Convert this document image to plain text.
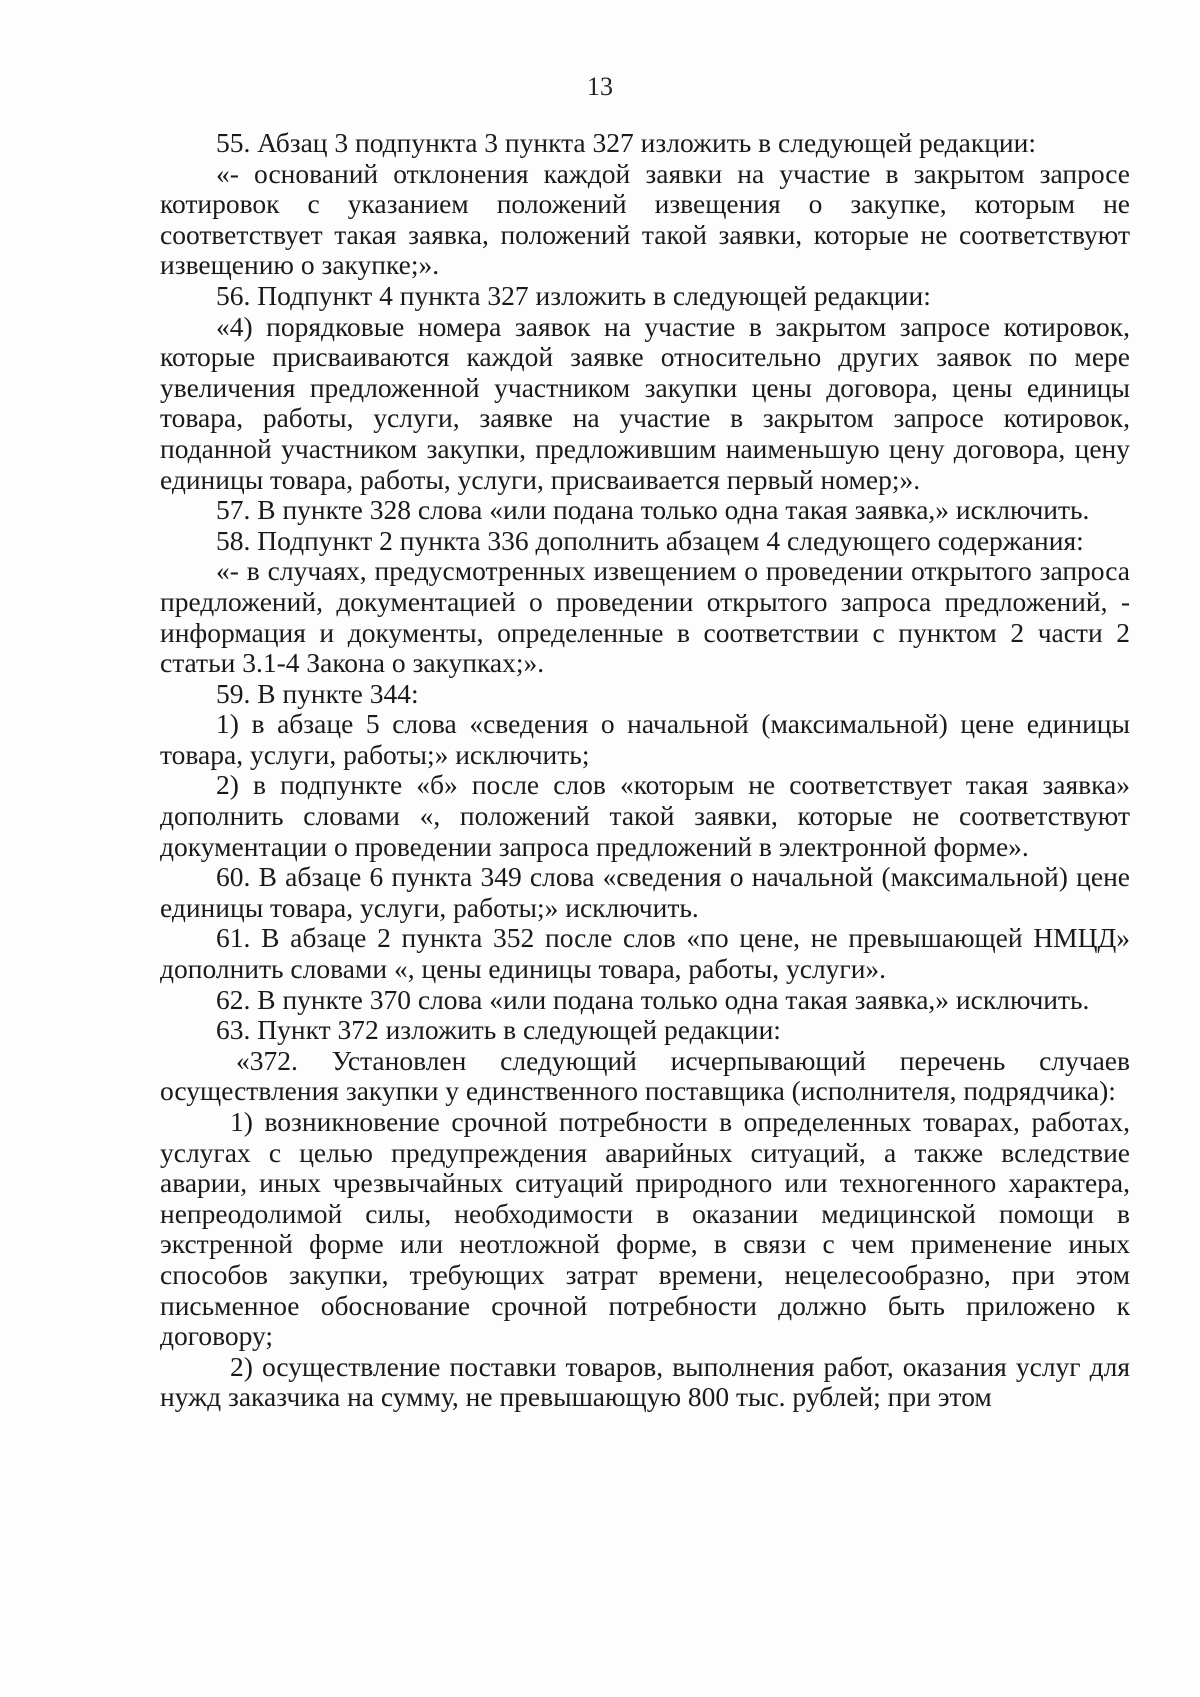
13

55. Абзац 3 подпункта 3 пункта 327 изложить в следующей редакции:

«- оснований отклонения каждой заявки на участие в закрытом запросе котировок с указанием положений извещения о закупке, которым не соответствует такая заявка, положений такой заявки, которые не соответствуют извещению о закупке;».

56. Подпункт 4 пункта 327 изложить в следующей редакции:

«4) порядковые номера заявок на участие в закрытом запросе котировок, которые присваиваются каждой заявке относительно других заявок по мере увеличения предложенной участником закупки цены договора, цены единицы товара, работы, услуги, заявке на участие в закрытом запросе котировок, поданной участником закупки, предложившим наименьшую цену договора, цену единицы товара, работы, услуги, присваивается первый номер;».

57. В пункте 328 слова «или подана только одна такая заявка,» исключить.

58. Подпункт 2 пункта 336 дополнить абзацем 4 следующего содержания:

«- в случаях, предусмотренных извещением о проведении открытого запроса предложений, документацией о проведении открытого запроса предложений, - информация и документы, определенные в соответствии с пунктом 2 части 2 статьи 3.1-4 Закона о закупках;».

59. В пункте 344:

1) в абзаце 5 слова «сведения о начальной (максимальной) цене единицы товара, услуги, работы;» исключить;

2) в подпункте «б» после слов «которым не соответствует такая заявка» дополнить словами «, положений такой заявки, которые не соответствуют документации о проведении запроса предложений в электронной форме».

60. В абзаце 6 пункта 349 слова «сведения о начальной (максимальной) цене единицы товара, услуги, работы;» исключить.

61. В абзаце 2 пункта 352 после слов «по цене, не превышающей НМЦД» дополнить словами «, цены единицы товара, работы, услуги».

62. В пункте 370 слова «или подана только одна такая заявка,» исключить.

63. Пункт 372 изложить в следующей редакции:

«372. Установлен следующий исчерпывающий перечень случаев осуществления закупки у единственного поставщика (исполнителя, подрядчика):

1) возникновение срочной потребности в определенных товарах, работах, услугах с целью предупреждения аварийных ситуаций, а также вследствие аварии, иных чрезвычайных ситуаций природного или техногенного характера, непреодолимой силы, необходимости в оказании медицинской помощи в экстренной форме или неотложной форме, в связи с чем применение иных способов закупки, требующих затрат времени, нецелесообразно, при этом письменное обоснование срочной потребности должно быть приложено к договору;

2) осуществление поставки товаров, выполнения работ, оказания услуг для нужд заказчика на сумму, не превышающую 800 тыс. рублей; при этом
